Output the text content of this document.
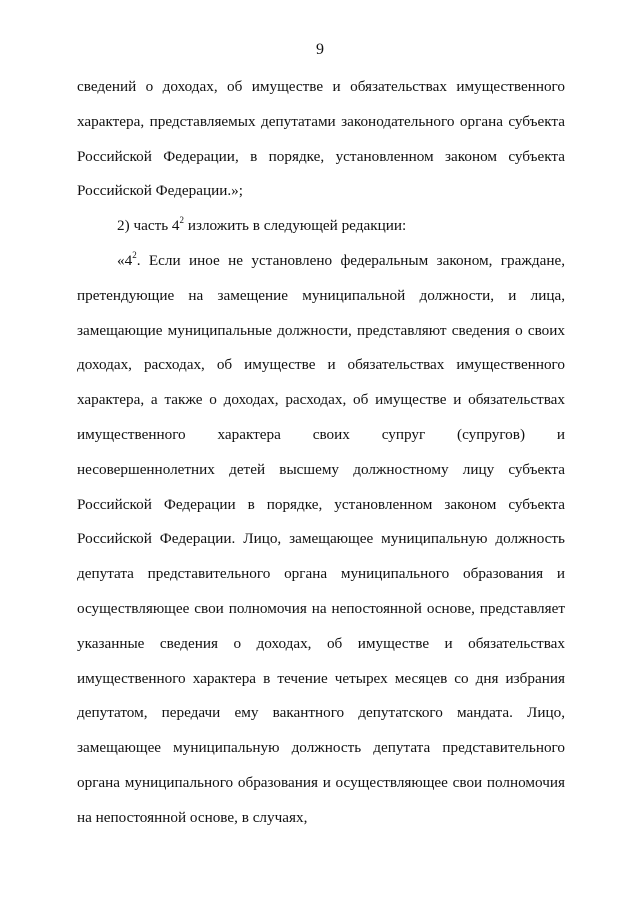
9

сведений о доходах, об имуществе и обязательствах имущественного характера, представляемых депутатами законодательного органа субъекта Российской Федерации, в порядке, установленном законом субъекта Российской Федерации.»;

2) часть $4^2$ изложить в следующей редакции:

«$4^2$. Если иное не установлено федеральным законом, граждане, претендующие на замещение муниципальной должности, и лица, замещающие муниципальные должности, представляют сведения о своих доходах, расходах, об имуществе и обязательствах имущественного характера, а также о доходах, расходах, об имуществе и обязательствах имущественного характера своих супруг (супругов) и несовершеннолетних детей высшему должностному лицу субъекта Российской Федерации в порядке, установленном законом субъекта Российской Федерации. Лицо, замещающее муниципальную должность депутата представительного органа муниципального образования и осуществляющее свои полномочия на непостоянной основе, представляет указанные сведения о доходах, об имуществе и обязательствах имущественного характера в течение четырех месяцев со дня избрания депутатом, передачи ему вакантного депутатского мандата. Лицо, замещающее муниципальную должность депутата представительного органа муниципального образования и осуществляющее свои полномочия на непостоянной основе, в случаях,
